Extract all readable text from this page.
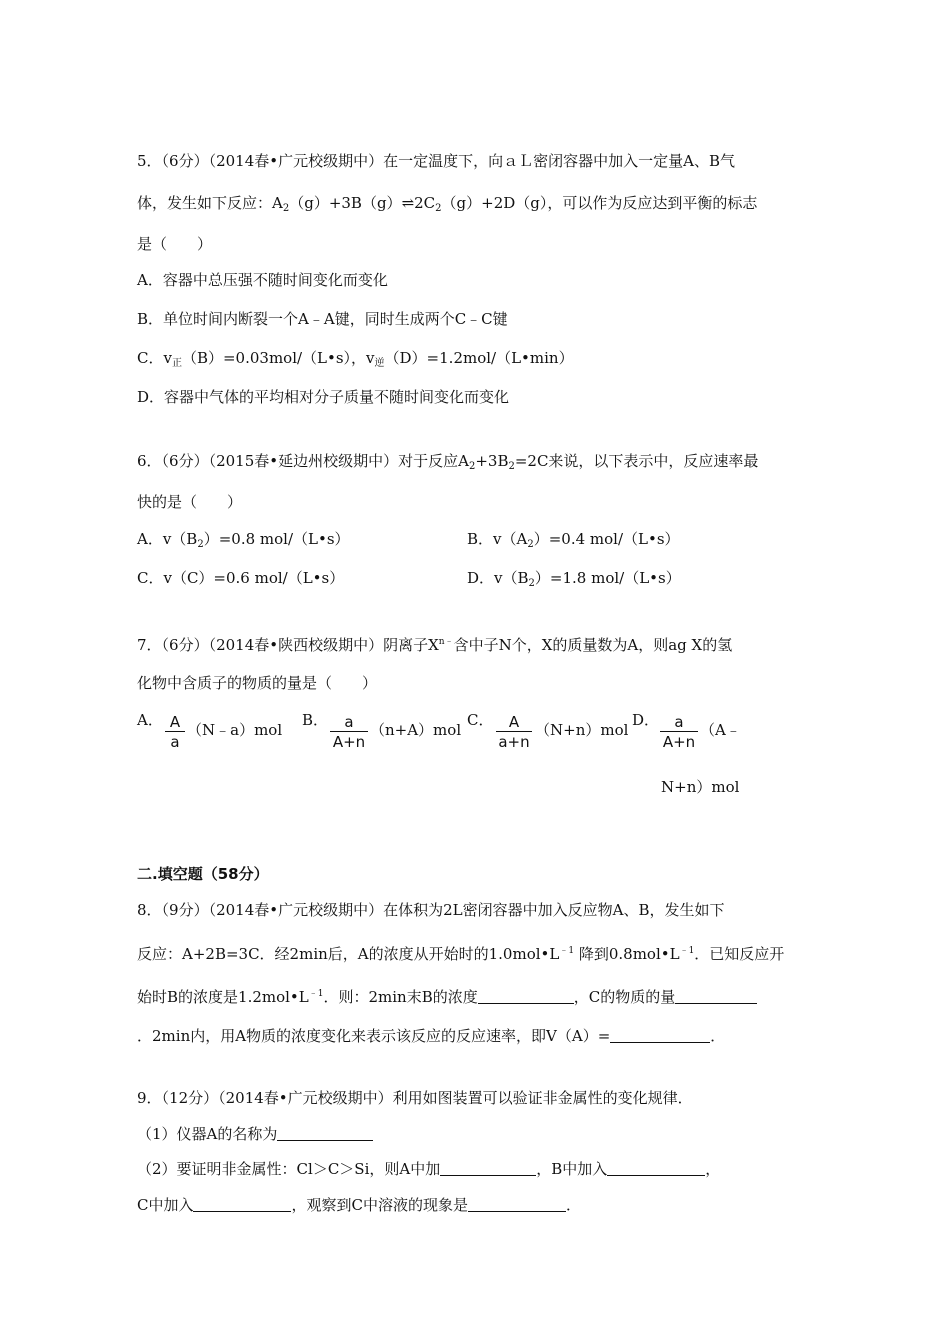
5．（6分）（2014春•广元校级期中）在一定温度下，向ａＬ密闭容器中加入一定量A、B气
体，发生如下反应：$A_2(g)+3B(g)\rightleftharpoons 2C_2(g)+2D(g)$，可以作为反应达到平衡的标志
是（　　）
A．容器中总压强不随时间变化而变化
B．单位时间内断裂一个A﹣A键，同时生成两个C﹣C键
C．$v_正(B)=0.03mol/(L•s)$，$v_逆(D)=1.2mol/(L•\min)$
D．容器中气体的平均相对分子质量不随时间变化而变化
6．（6分）（2015春•延边州校级期中）对于反应$A_2+3B_2=2C$来说，以下表示中，反应速率最
快的是（　　）
A．$v(B_2)=0.8$ mol/（L•s）	B．$v(A_2)=0.4$ mol/（L•s）
C．v（C）=0.6 mol/（L•s）	D．$v(B_2)=1.8$ mol/（L•s）
7．（6分）（2014春•陕西校级期中）阴离子$X^{n﹣}$含中子N个，X的质量数为A，则ag X的氢
化物中含质子的物质的量是（　　）
A． $\frac{A}{a}$ （N﹣a）mol
B． $\frac{a}{A+n} (n+A)mol$
C． $\frac{A}{a+n} (N+n)mol$
D． $\frac{a}{A+n}$ （A﹣
N+n）mol
二.填空题（58分）
8．（9分）（2014春•广元校级期中）在体积为2L密闭容器中加入反应物A、B，发生如下
反应：A+2B=3C．经2min后，A的浓度从开始时的$1.0mol•L^{﹣1}$ 降到$0.8mol•L^{﹣1}$．已知反应开
始时B的浓度是$1.2mol•L^{﹣1}$．则：2min末B的浓度	，C的物质的量
．2min内，用A物质的浓度变化来表示该反应的反应速率，即V（A）=	．
9．（12分）（2014春•广元校级期中）利用如图装置可以验证非金属性的变化规律．
（1）仪器A的名称为
（2）要证明非金属性：Cl＞C＞Si，则A中加	，B中加入	，
C中加入	，观察到C中溶液的现象是	．
